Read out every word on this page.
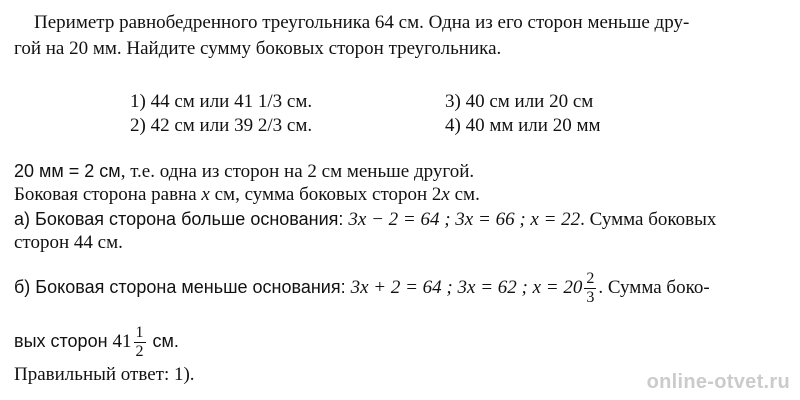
Периметр равнобедренного треугольника 64 см. Одна из его сторон меньше дру-
гой на 20 мм. Найдите сумму боковых сторон треугольника.
1) 44 см или 41 1/3 см.	3) 40 см или 20 см
2) 42 см или 39 2/3 см.	4) 40 мм или 20 мм
20 мм = 2 см, т.е. одна из сторон на 2 см меньше другой.
Боковая сторона равна x см, сумма боковых сторон 2x см.
а) Боковая сторона больше основания: 3x − 2 = 64 ; 3x = 66 ; x = 22. Сумма боковых
сторон 44 см.
б) Боковая сторона меньше основания: 3x + 2 = 64 ; 3x = 62 ; $x = 20 \frac{2}{3}$ . Сумма боко-
вых сторон $41 \frac{1}{2}$ см.
Правильный ответ: 1).	online-otvet.ru
